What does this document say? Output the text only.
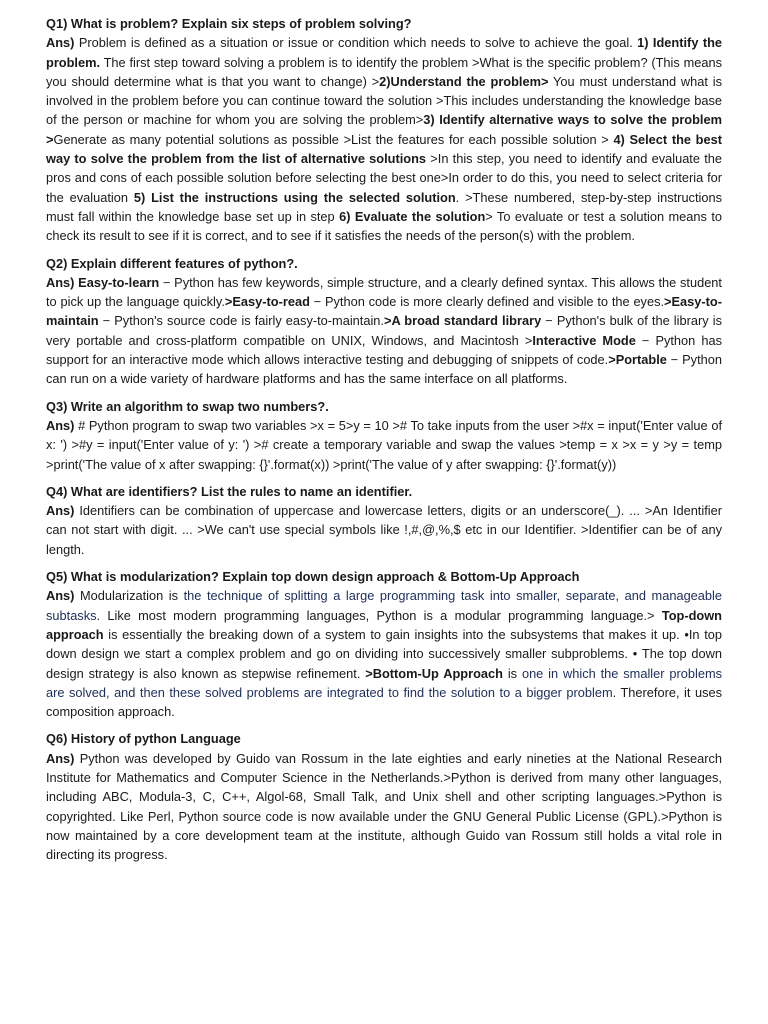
Q1) What is problem? Explain six steps of problem solving?

Ans) Problem is defined as a situation or issue or condition which needs to solve to achieve the goal. 1) Identify the problem. The first step toward solving a problem is to identify the problem >What is the specific problem? (This means you should determine what is that you want to change) >2)Understand the problem> You must understand what is involved in the problem before you can continue toward the solution >This includes understanding the knowledge base of the person or machine for whom you are solving the problem>3) Identify alternative ways to solve the problem >Generate as many potential solutions as possible >List the features for each possible solution > 4) Select the best way to solve the problem from the list of alternative solutions >In this step, you need to identify and evaluate the pros and cons of each possible solution before selecting the best one>In order to do this, you need to select criteria for the evaluation 5) List the instructions using the selected solution. >These numbered, step-by-step instructions must fall within the knowledge base set up in step 6) Evaluate the solution> To evaluate or test a solution means to check its result to see if it is correct, and to see if it satisfies the needs of the person(s) with the problem.

Q2) Explain different features of python?.

Ans) Easy-to-learn − Python has few keywords, simple structure, and a clearly defined syntax. This allows the student to pick up the language quickly.>Easy-to-read − Python code is more clearly defined and visible to the eyes.>Easy-to-maintain − Python's source code is fairly easy-to-maintain.>A broad standard library − Python's bulk of the library is very portable and cross-platform compatible on UNIX, Windows, and Macintosh >Interactive Mode − Python has support for an interactive mode which allows interactive testing and debugging of snippets of code.>Portable − Python can run on a wide variety of hardware platforms and has the same interface on all platforms.

Q3) Write an algorithm to swap two numbers?.

Ans) # Python program to swap two variables >x = 5>y = 10 ># To take inputs from the user >#x = input('Enter value of x: ') >#y = input('Enter value of y: ') ># create a temporary variable and swap the values >temp = x >x = y >y = temp >print('The value of x after swapping: {}'.format(x)) >print('The value of y after swapping: {}'.format(y))

Q4) What are identifiers? List the rules to name an identifier.

Ans) Identifiers can be combination of uppercase and lowercase letters, digits or an underscore(_). ... >An Identifier can not start with digit. ... >We can't use special symbols like !,#,@,%,$ etc in our Identifier. >Identifier can be of any length.

Q5) What is modularization? Explain top down design approach & Bottom-Up Approach

Ans) Modularization is the technique of splitting a large programming task into smaller, separate, and manageable subtasks. Like most modern programming languages, Python is a modular programming language.> Top-down approach is essentially the breaking down of a system to gain insights into the subsystems that makes it up. •In top down design we start a complex problem and go on dividing into successively smaller subproblems. • The top down design strategy is also known as stepwise refinement. >Bottom-Up Approach is one in which the smaller problems are solved, and then these solved problems are integrated to find the solution to a bigger problem. Therefore, it uses composition approach.

Q6) History of python Language

Ans) Python was developed by Guido van Rossum in the late eighties and early nineties at the National Research Institute for Mathematics and Computer Science in the Netherlands.>Python is derived from many other languages, including ABC, Modula-3, C, C++, Algol-68, Small Talk, and Unix shell and other scripting languages.>Python is copyrighted. Like Perl, Python source code is now available under the GNU General Public License (GPL).>Python is now maintained by a core development team at the institute, although Guido van Rossum still holds a vital role in directing its progress.
